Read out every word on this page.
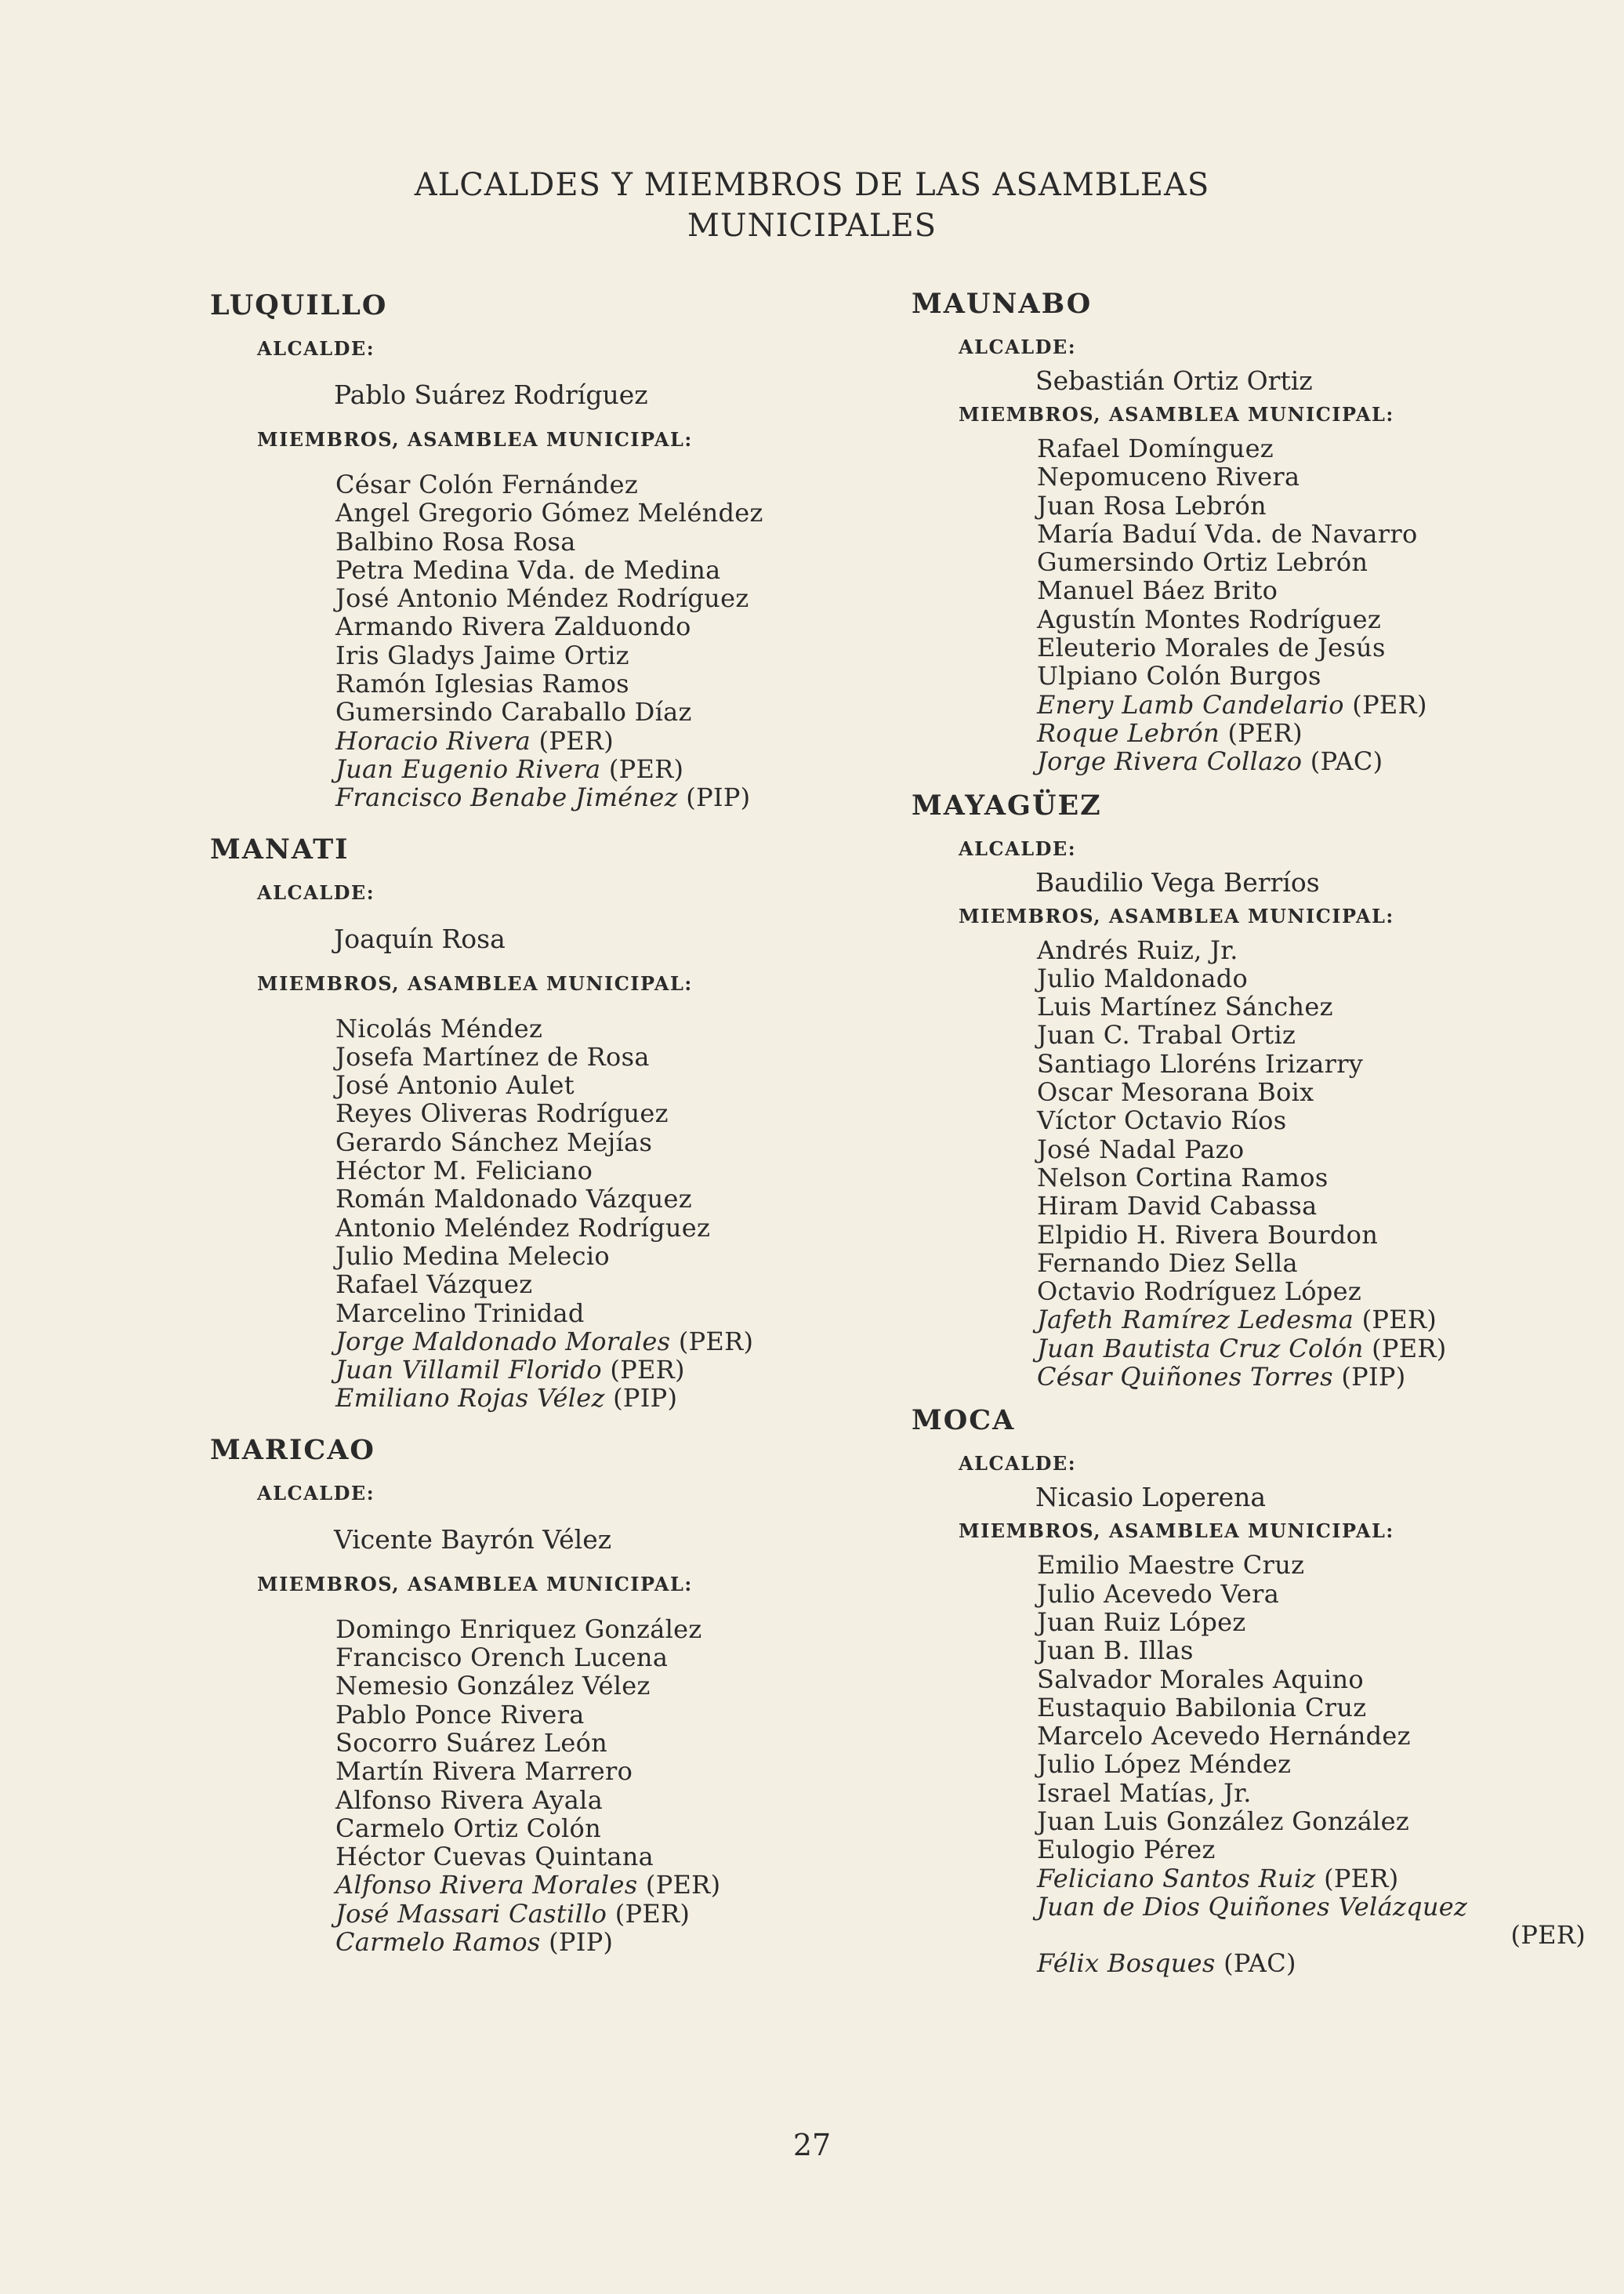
ALCALDES Y MIEMBROS DE LAS ASAMBLEAS
MUNICIPALES
LUQUILLO
ALCALDE:
Pablo Suárez Rodríguez
MIEMBROS, ASAMBLEA MUNICIPAL:
César Colón Fernández
Angel Gregorio Gómez Meléndez
Balbino Rosa Rosa
Petra Medina Vda. de Medina
José Antonio Méndez Rodríguez
Armando Rivera Zalduondo
Iris Gladys Jaime Ortiz
Ramón Iglesias Ramos
Gumersindo Caraballo Díaz
Horacio Rivera (PER)
Juan Eugenio Rivera (PER)
Francisco Benabe Jiménez (PIP)
MANATI
ALCALDE:
Joaquín Rosa
MIEMBROS, ASAMBLEA MUNICIPAL:
Nicolás Méndez
Josefa Martínez de Rosa
José Antonio Aulet
Reyes Oliveras Rodríguez
Gerardo Sánchez Mejías
Héctor M. Feliciano
Román Maldonado Vázquez
Antonio Meléndez Rodríguez
Julio Medina Melecio
Rafael Vázquez
Marcelino Trinidad
Jorge Maldonado Morales (PER)
Juan Villamil Florido (PER)
Emiliano Rojas Vélez (PIP)
MARICAO
ALCALDE:
Vicente Bayrón Vélez
MIEMBROS, ASAMBLEA MUNICIPAL:
Domingo Enriquez González
Francisco Orench Lucena
Nemesio González Vélez
Pablo Ponce Rivera
Socorro Suárez León
Martín Rivera Marrero
Alfonso Rivera Ayala
Carmelo Ortiz Colón
Héctor Cuevas Quintana
Alfonso Rivera Morales (PER)
José Massari Castillo (PER)
Carmelo Ramos (PIP)
MAUNABO
ALCALDE:
Sebastián Ortiz Ortiz
MIEMBROS, ASAMBLEA MUNICIPAL:
Rafael Domínguez
Nepomuceno Rivera
Juan Rosa Lebrón
María Baduí Vda. de Navarro
Gumersindo Ortiz Lebrón
Manuel Báez Brito
Agustín Montes Rodríguez
Eleuterio Morales de Jesús
Ulpiano Colón Burgos
Enery Lamb Candelario (PER)
Roque Lebrón (PER)
Jorge Rivera Collazo (PAC)
MAYAGÜEZ
ALCALDE:
Baudilio Vega Berríos
MIEMBROS, ASAMBLEA MUNICIPAL:
Andrés Ruiz, Jr.
Julio Maldonado
Luis Martínez Sánchez
Juan C. Trabal Ortiz
Santiago Lloréns Irizarry
Oscar Mesorana Boix
Víctor Octavio Ríos
José Nadal Pazo
Nelson Cortina Ramos
Hiram David Cabassa
Elpidio H. Rivera Bourdon
Fernando Diez Sella
Octavio Rodríguez López
Jafeth Ramírez Ledesma (PER)
Juan Bautista Cruz Colón (PER)
César Quiñones Torres (PIP)
MOCA
ALCALDE:
Nicasio Loperena
MIEMBROS, ASAMBLEA MUNICIPAL:
Emilio Maestre Cruz
Julio Acevedo Vera
Juan Ruiz López
Juan B. Illas
Salvador Morales Aquino
Eustaquio Babilonia Cruz
Marcelo Acevedo Hernández
Julio López Méndez
Israel Matías, Jr.
Juan Luis González González
Eulogio Pérez
Feliciano Santos Ruiz (PER)
Juan de Dios Quiñones Velázquez
(PER)
Félix Bosques (PAC)
27
